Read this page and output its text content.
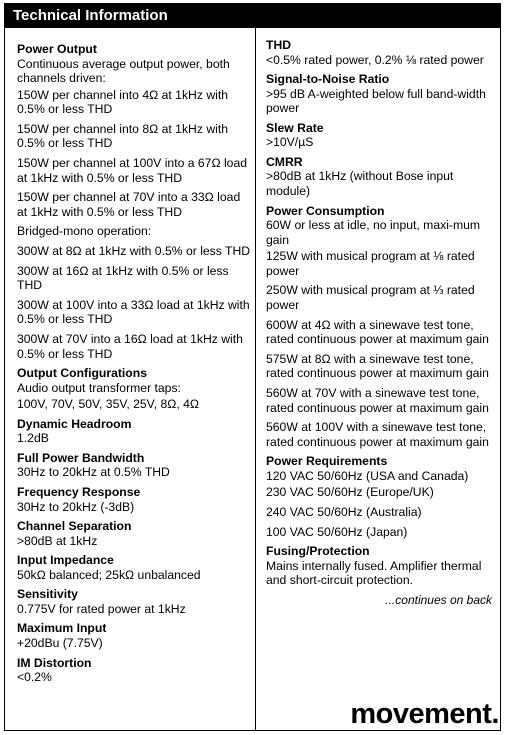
Technical Information
Power Output
Continuous average output power, both channels driven:
150W per channel into 4Ω at 1kHz with 0.5% or less THD
150W per channel into 8Ω at 1kHz with 0.5% or less THD
150W per channel at 100V into a 67Ω load at 1kHz with 0.5% or less THD
150W per channel at 70V into a 33Ω load at 1kHz with 0.5% or less THD
Bridged-mono operation:
300W at 8Ω at 1kHz with 0.5% or less THD
300W at 16Ω at 1kHz with 0.5% or less THD
300W at 100V into a 33Ω load at 1kHz with 0.5% or less THD
300W at 70V into a 16Ω load at 1kHz with 0.5% or less THD
Output Configurations
Audio output transformer taps:
100V, 70V, 50V, 35V, 25V, 8Ω, 4Ω
Dynamic Headroom
1.2dB
Full Power Bandwidth
30Hz to 20kHz at 0.5% THD
Frequency Response
30Hz to 20kHz (-3dB)
Channel Separation
>80dB at 1kHz
Input Impedance
50kΩ balanced; 25kΩ unbalanced
Sensitivity
0.775V for rated power at 1kHz
Maximum Input
+20dBu (7.75V)
IM Distortion
<0.2%
THD
<0.5% rated power, 0.2% ⅛ rated power
Signal-to-Noise Ratio
>95 dB A-weighted below full band-width power
Slew Rate
>10V/µS
CMRR
>80dB at 1kHz (without Bose input module)
Power Consumption
60W or less at idle, no input, maxi-mum gain
125W with musical program at ⅛ rated power
250W with musical program at ⅓ rated power
600W at 4Ω with a sinewave test tone, rated continuous power at maximum gain
575W at 8Ω with a sinewave test tone, rated continuous power at maximum gain
560W at 70V with a sinewave test tone, rated continuous power at maximum gain
560W at 100V with a sinewave test tone, rated continuous power at maximum gain
Power Requirements
120 VAC 50/60Hz (USA and Canada)
230 VAC 50/60Hz (Europe/UK)
240 VAC 50/60Hz (Australia)
100 VAC 50/60Hz (Japan)
Fusing/Protection
Mains internally fused. Amplifier thermal and short-circuit protection.
...continues on back
movement.
